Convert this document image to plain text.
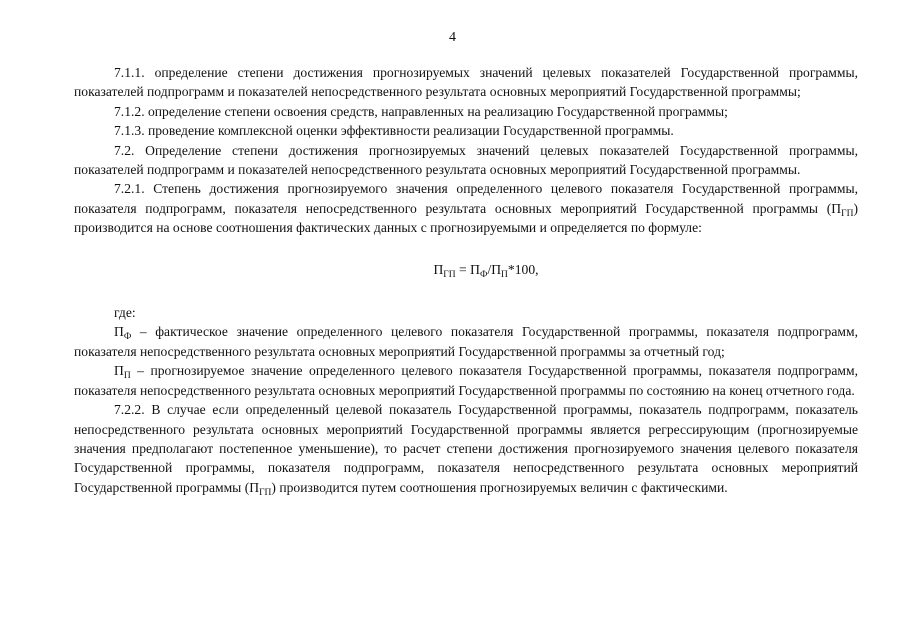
4

7.1.1. определение степени достижения прогнозируемых значений целевых показателей Государственной программы, показателей подпрограмм и показателей непосредственного результата основных мероприятий Государственной программы;

7.1.2. определение степени освоения средств, направленных на реализацию Государственной программы;

7.1.3. проведение комплексной оценки эффективности реализации Государственной программы.

7.2. Определение степени достижения прогнозируемых значений целевых показателей Государственной программы, показателей подпрограмм и показателей непосредственного результата основных мероприятий Государственной программы.

7.2.1. Степень достижения прогнозируемого значения определенного целевого показателя Государственной программы, показателя подпрограмм, показателя непосредственного результата основных мероприятий Государственной программы $(П_{ГП})$ производится на основе соотношения фактических данных с прогнозируемыми и определяется по формуле:

$П_{ГП} = П_Ф/П_П*100$,

где:

$П_Ф$ – фактическое значение определенного целевого показателя Государственной программы, показателя подпрограмм, показателя непосредственного результата основных мероприятий Государственной программы за отчетный год;

$П_П$ – прогнозируемое значение определенного целевого показателя Государственной программы, показателя подпрограмм, показателя непосредственного результата основных мероприятий Государственной программы по состоянию на конец отчетного года.

7.2.2. В случае если определенный целевой показатель Государственной программы, показатель подпрограмм, показатель непосредственного результата основных мероприятий Государственной программы является регрессирующим (прогнозируемые значения предполагают постепенное уменьшение), то расчет степени достижения прогнозируемого значения целевого показателя Государственной программы, показателя подпрограмм, показателя непосредственного результата основных мероприятий Государственной программы $(П_{ГП})$ производится путем соотношения прогнозируемых величин с фактическими.
